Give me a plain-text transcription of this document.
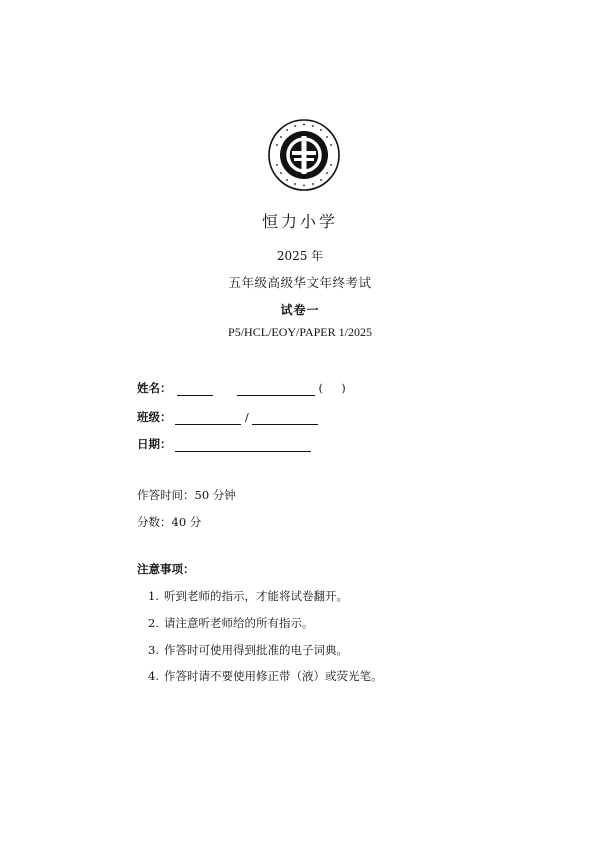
恒力小学
2025 年
五年级高级华文年终考试
试卷一
P5/HCL/EOY/PAPER 1/2025
姓名：	(     )
班级：	/
日期：
作答时间：50 分钟
分数：40 分
注意事项：
1. 听到老师的指示，才能将试卷翻开。
2. 请注意听老师给的所有指示。
3. 作答时可使用得到批准的电子词典。
4. 作答时请不要使用修正带（液）或荧光笔。
